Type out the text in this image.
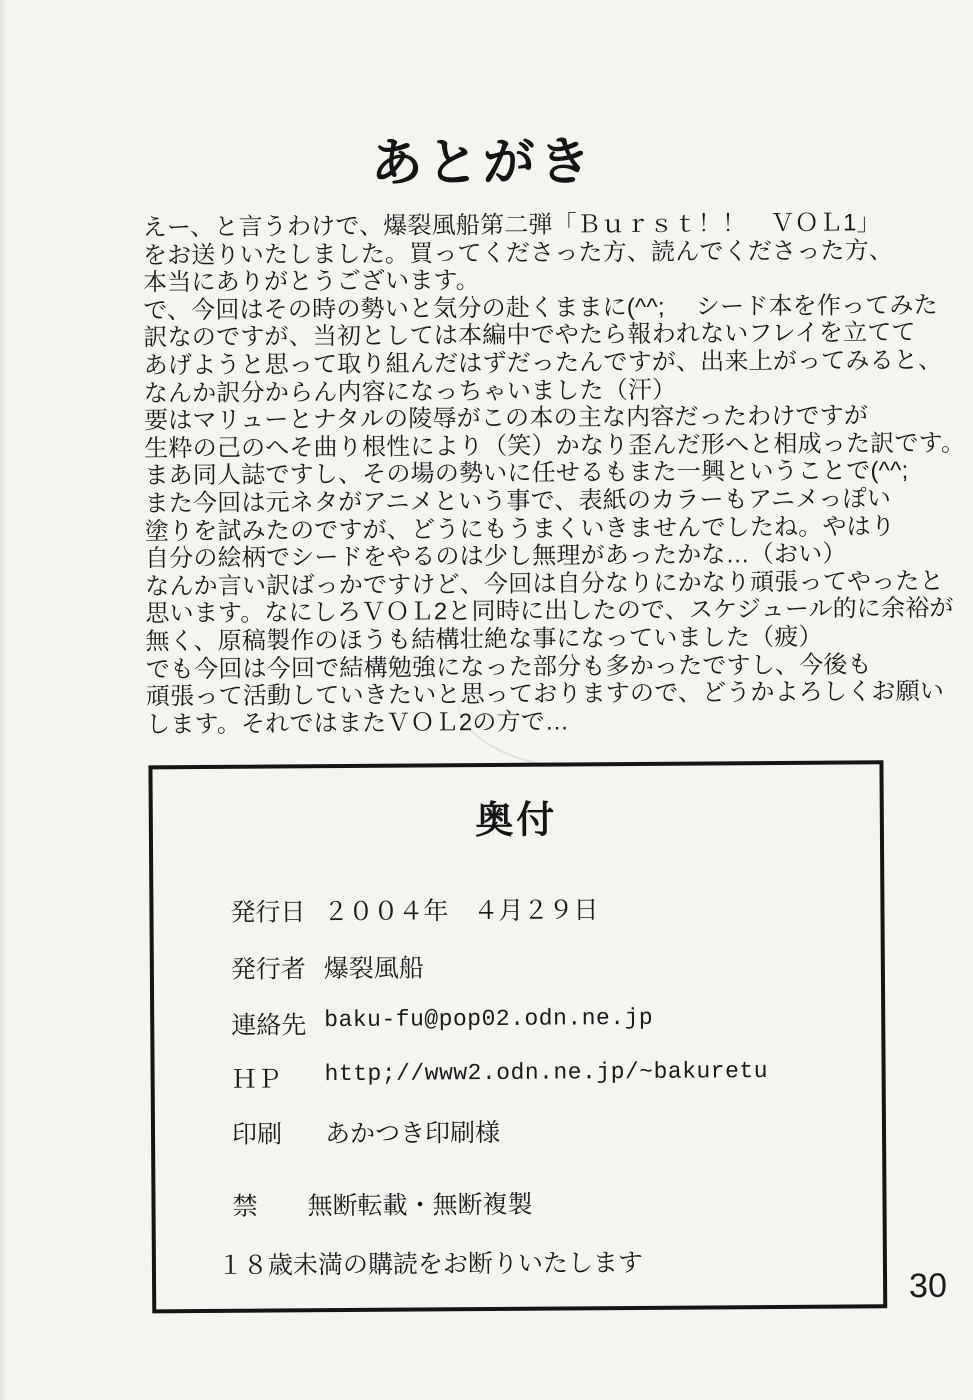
あとがき
えー、と言うわけで、爆裂風船第二弾「Ｂｕｒｓｔ！！　ＶＯＬ1」
をお送りいたしました。買ってくださった方、読んでくださった方、
本当にありがとうございます。
で、今回はその時の勢いと気分の赴くままに(^^;　 シード本を作ってみた
訳なのですが、当初としては本編中でやたら報われないフレイを立てて
あげようと思って取り組んだはずだったんですが、出来上がってみると、
なんか訳分からん内容になっちゃいました（汗）
要はマリューとナタルの陵辱がこの本の主な内容だったわけですが
生粋の己のへそ曲り根性により（笑）かなり歪んだ形へと相成った訳です。
まあ同人誌ですし、その場の勢いに任せるもまた一興ということで(^^;
また今回は元ネタがアニメという事で、表紙のカラーもアニメっぽい
塗りを試みたのですが、どうにもうまくいきませんでしたね。やはり
自分の絵柄でシードをやるのは少し無理があったかな…（おい）
なんか言い訳ばっかですけど、今回は自分なりにかなり頑張ってやったと
思います。なにしろＶＯＬ2と同時に出したので、スケジュール的に余裕が
無く、原稿製作のほうも結構壮絶な事になっていました（疲）
でも今回は今回で結構勉強になった部分も多かったですし、今後も
頑張って活動していきたいと思っておりますので、どうかよろしくお願い
します。それではまたＶＯＬ2の方で…
奥付
発行日 ２００４年　４月２９日
発行者 爆裂風船
連絡先 baku-fu@pop02.odn.ne.jp
ＨＰ	http;//www2.odn.ne.jp/~bakuretu
印刷	あかつき印刷様
禁　　無断転載・無断複製
１８歳未満の購読をお断りいたします
30
